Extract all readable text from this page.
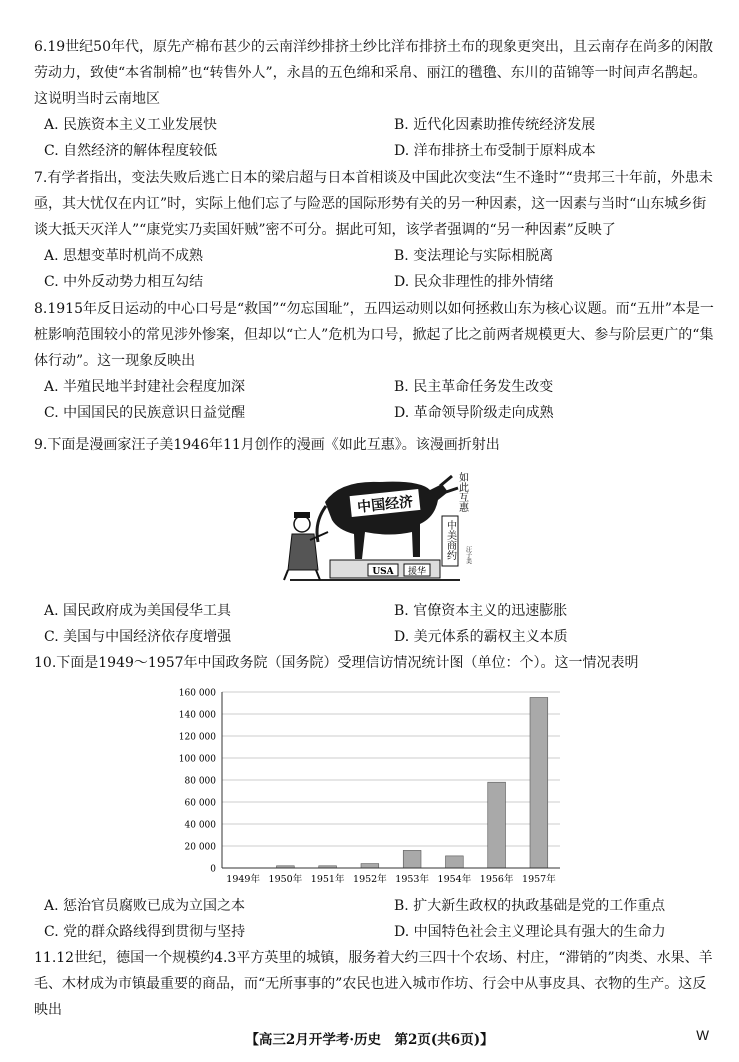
6.19世纪50年代，原先产棉布甚少的云南洋纱排挤土纱比洋布排挤土布的现象更突出，且云南存在尚多的闲散劳动力，致使“本省制棉”也“转售外人”，永昌的五色绵和采帛、丽江的氆氇、东川的苗锦等一时间声名鹊起。这说明当时云南地区
A. 民族资本主义工业发展快	B. 近代化因素助推传统经济发展
C. 自然经济的解体程度较低	D. 洋布排挤土布受制于原料成本
7.有学者指出，变法失败后逃亡日本的梁启超与日本首相谈及中国此次变法“生不逢时”“贵邦三十年前，外患未亟，其大忧仅在内讧”时，实际上他们忘了与险恶的国际形势有关的另一种因素，这一因素与当时“山东城乡街谈大抵天灭洋人”“康党实乃卖国奸贼”密不可分。据此可知，该学者强调的“另一种因素”反映了
A. 思想变革时机尚不成熟	B. 变法理论与实际相脱离
C. 中外反动势力相互勾结	D. 民众非理性的排外情绪
8.1915年反日运动的中心口号是“救国”“勿忘国耻”，五四运动则以如何拯救山东为核心议题。而“五卅”本是一桩影响范围较小的常见涉外惨案，但却以“亡人”危机为口号，掀起了比之前两者规模更大、参与阶层更广的“集体行动”。这一现象反映出
A. 半殖民地半封建社会程度加深	B. 民主革命任务发生改变
C. 中国国民的民族意识日益觉醒	D. 革命领导阶级走向成熟
9.下面是漫画家汪子美1946年11月创作的漫画《如此互惠》。该漫画折射出
中国经济
USA 援华
如此互惠
中美商约 汪子美
A. 国民政府成为美国侵华工具	B. 官僚资本主义的迅速膨胀
C. 美国与中国经济依存度增强	D. 美元体系的霸权主义本质
10.下面是1949～1957年中国政务院（国务院）受理信访情况统计图（单位：个）。这一情况表明
0
20 000
40 000
60 000
80 000
100 000
120 000
140 000
160 000
1949年 1950年 1951年 1952年 1953年 1954年 1956年 1957年
A. 惩治官员腐败已成为立国之本	B. 扩大新生政权的执政基础是党的工作重点
C. 党的群众路线得到贯彻与坚持	D. 中国特色社会主义理论具有强大的生命力
11.12世纪，德国一个规模约4.3平方英里的城镇，服务着大约三四十个农场、村庄，“滞销的”肉类、水果、羊毛、木材成为市镇最重要的商品，而“无所事事的”农民也进入城市作坊、行会中从事皮具、衣物的生产。这反映出
【高三2月开学考·历史　第2页(共6页)】	W
